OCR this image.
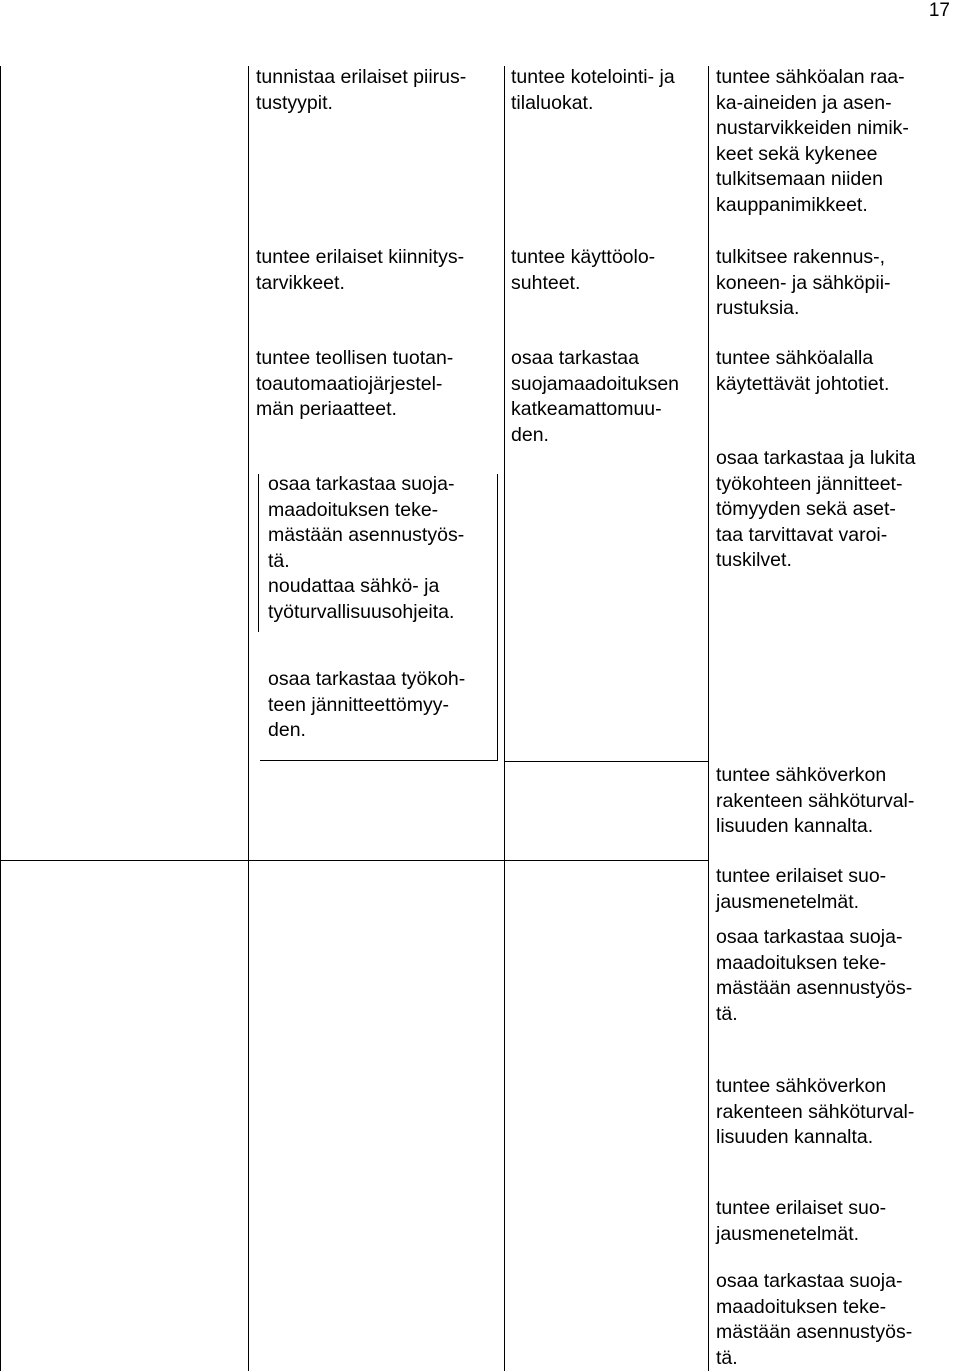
17
tunnistaa erilaiset piirus-
tustyypit.
tuntee erilaiset kiinnitys-
tarvikkeet.
tuntee teollisen tuotan-
toautomaatiojärjestel-
män periaatteet.
osaa tarkastaa suoja-
maadoituksen teke-
mästään asennustyös-
tä.
noudattaa sähkö- ja
työturvallisuusohjeita.
osaa tarkastaa työkoh-
teen jännitteettömyy-
den.
tuntee kotelointi- ja
tilaluokat.
tuntee käyttöolo-
suhteet.
osaa tarkastaa
suojamaadoituksen
katkeamattomuu-
den.
tuntee sähköalan raa-
ka-aineiden ja asen-
nustarvikkeiden nimik-
keet sekä kykenee
tulkitsemaan niiden
kauppanimikkeet.
tulkitsee rakennus-,
koneen- ja sähköpii-
rustuksia.
tuntee sähköalalla
käytettävät johtotiet.
osaa tarkastaa ja lukita
työkohteen jännitteet-
tömyyden sekä aset-
taa tarvittavat varoi-
tuskilvet.
tuntee sähköverkon
rakenteen sähköturval-
lisuuden kannalta.
tuntee erilaiset suo-
jausmenetelmät.
osaa tarkastaa suoja-
maadoituksen teke-
mästään asennustyös-
tä.
tuntee sähköverkon
rakenteen sähköturval-
lisuuden kannalta.
tuntee erilaiset suo-
jausmenetelmät.
osaa tarkastaa suoja-
maadoituksen teke-
mästään asennustyös-
tä.
